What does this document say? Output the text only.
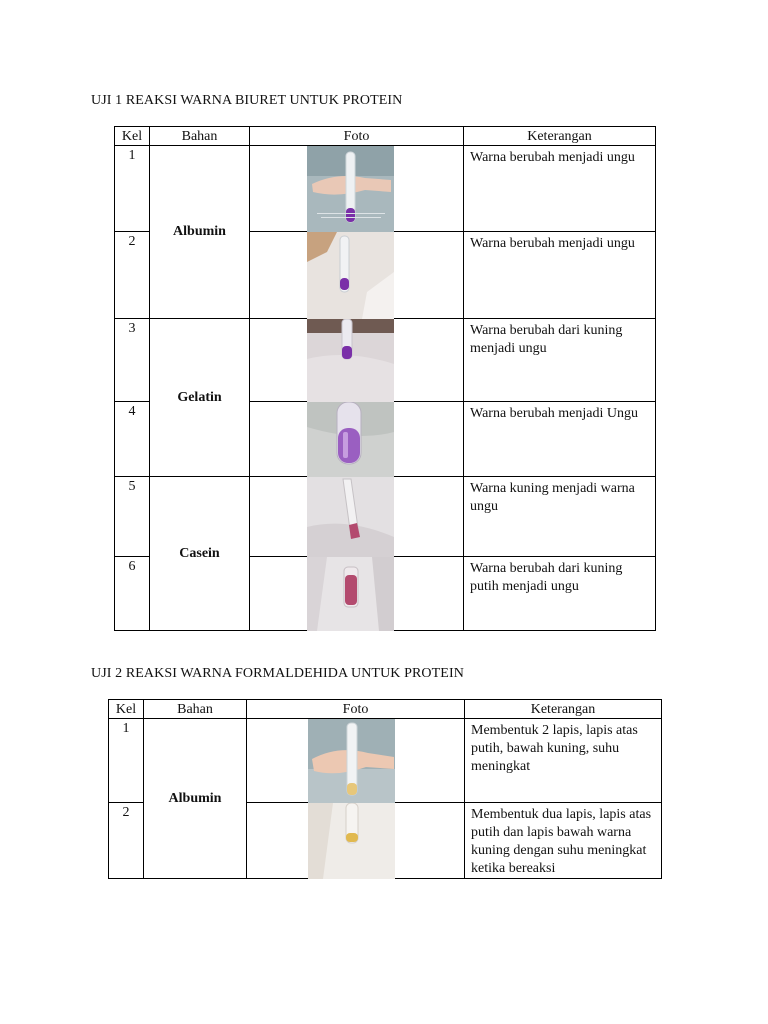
UJI 1 REAKSI WARNA BIURET UNTUK PROTEIN
Kel	Bahan	Foto	Keterangan
1	Albumin		Warna berubah menjadi ungu
2			Warna berubah menjadi ungu
3	Gelatin		Warna berubah dari kuning menjadi ungu
4			Warna berubah menjadi Ungu
5	Casein		Warna kuning menjadi warna ungu
6			Warna berubah dari kuning putih menjadi ungu
UJI 2 REAKSI WARNA FORMALDEHIDA UNTUK PROTEIN
Kel	Bahan	Foto	Keterangan
1	Albumin		Membentuk 2 lapis, lapis atas putih, bawah kuning, suhu meningkat
2			Membentuk dua lapis, lapis atas putih dan lapis bawah warna kuning dengan suhu meningkat ketika bereaksi
